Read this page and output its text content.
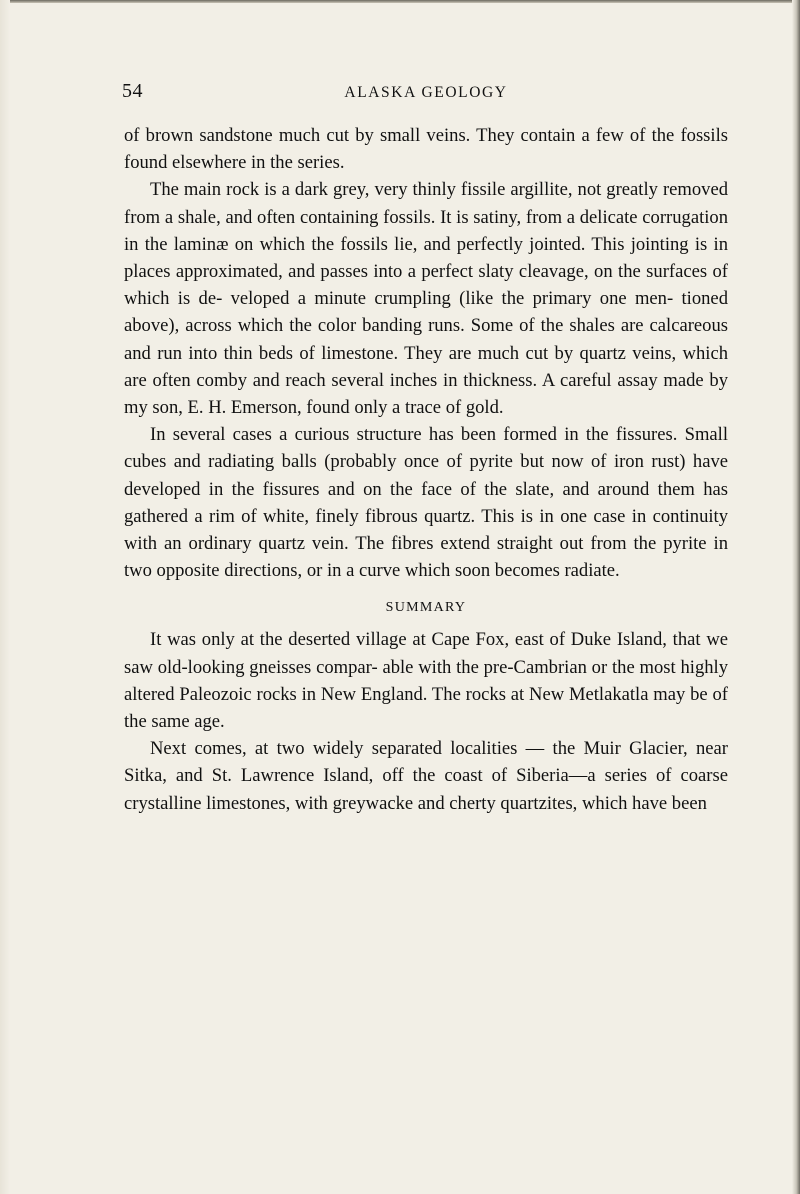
54	ALASKA GEOLOGY

of brown sandstone much cut by small veins. They contain a few of the fossils found elsewhere in the series.

The main rock is a dark grey, very thinly fissile argillite, not greatly removed from a shale, and often containing fossils. It is satiny, from a delicate corrugation in the laminæ on which the fossils lie, and perfectly jointed. This jointing is in places approximated, and passes into a perfect slaty cleavage, on the surfaces of which is de- veloped a minute crumpling (like the primary one men- tioned above), across which the color banding runs. Some of the shales are calcareous and run into thin beds of limestone. They are much cut by quartz veins, which are often comby and reach several inches in thickness. A careful assay made by my son, E. H. Emerson, found only a trace of gold.

In several cases a curious structure has been formed in the fissures. Small cubes and radiating balls (probably once of pyrite but now of iron rust) have developed in the fissures and on the face of the slate, and around them has gathered a rim of white, finely fibrous quartz. This is in one case in continuity with an ordinary quartz vein. The fibres extend straight out from the pyrite in two opposite directions, or in a curve which soon becomes radiate.

SUMMARY

It was only at the deserted village at Cape Fox, east of Duke Island, that we saw old-looking gneisses compar- able with the pre-Cambrian or the most highly altered Paleozoic rocks in New England. The rocks at New Metlakatla may be of the same age.

Next comes, at two widely separated localities — the Muir Glacier, near Sitka, and St. Lawrence Island, off the coast of Siberia—a series of coarse crystalline limestones, with greywacke and cherty quartzites, which have been
